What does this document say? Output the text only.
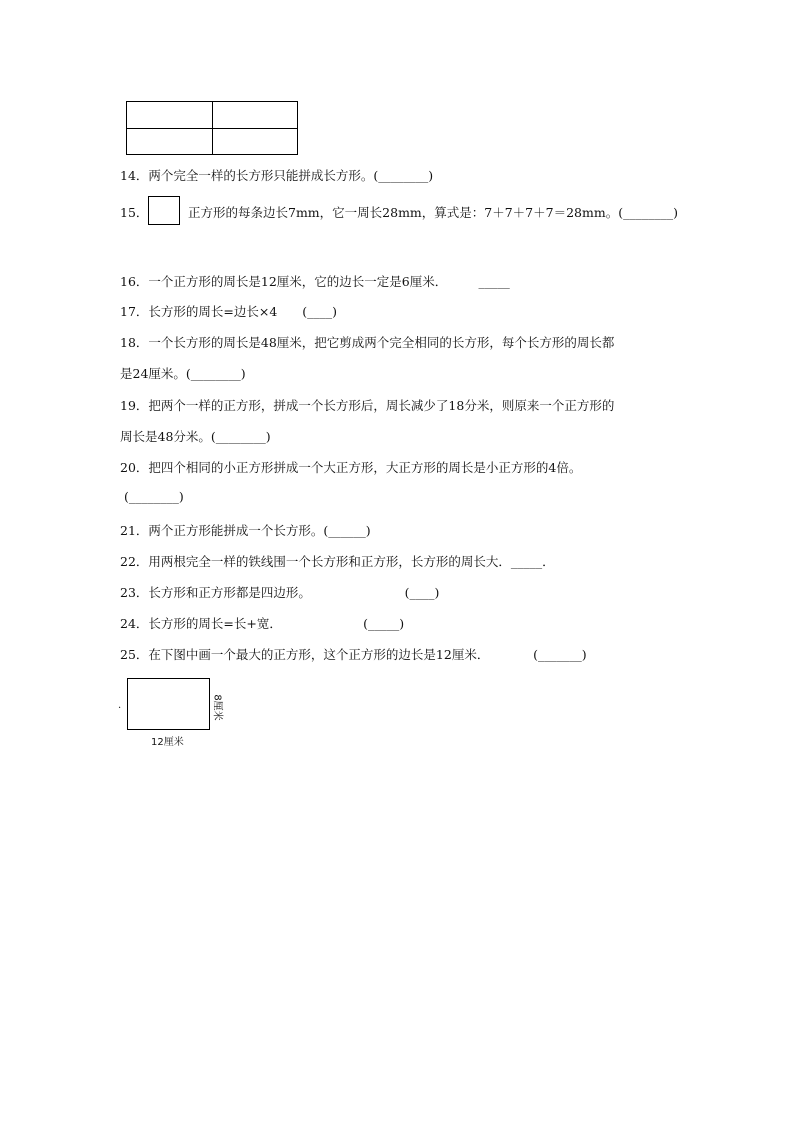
14．两个完全一样的长方形只能拼成长方形。(________)
15．	正方形的每条边长7mm，它一周长28mm，算式是：7＋7＋7＋7＝28mm。(________)
16．一个正方形的周长是12厘米，它的边长一定是6厘米．　　　_____
17．长方形的周长=边长×4　　(____)
18．一个长方形的周长是48厘米，把它剪成两个完全相同的长方形，每个长方形的周长都
是24厘米。(________)
19．把两个一样的正方形，拼成一个长方形后，周长减少了18分米，则原来一个正方形的
周长是48分米。(________)
20．把四个相同的小正方形拼成一个大正方形，大正方形的周长是小正方形的4倍。
(________)
21．两个正方形能拼成一个长方形。(______)
22．用两根完全一样的铁线围一个长方形和正方形，长方形的周长大．_____．
23．长方形和正方形都是四边形。　　　　　　　　(____)
24．长方形的周长=长+宽．　　　　　　　(_____)
25．在下图中画一个最大的正方形，这个正方形的边长是12厘米．　　　　(_______)
.	8厘米
12厘米
